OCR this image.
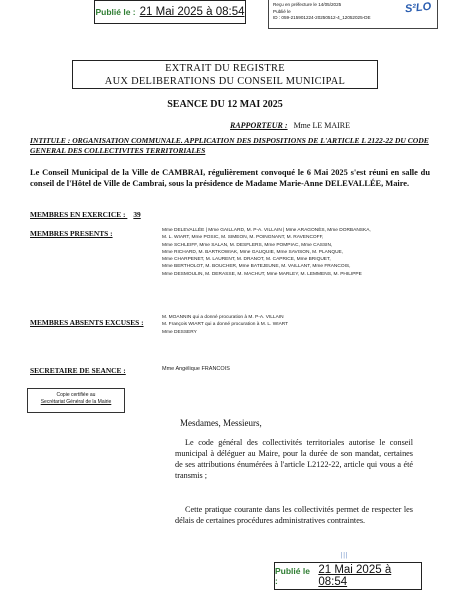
Publié le : 21 Mai 2025 à 08:54
Reçu en préfecture le 14/05/2025
Publié le
ID : 059-215901224-20250512-4_12052025-DE
S²LO
EXTRAIT DU REGISTRE
AUX DELIBERATIONS DU CONSEIL MUNICIPAL
SEANCE DU 12 MAI 2025
RAPPORTEUR : Mme LE MAIRE
INTITULE : ORGANISATION COMMUNALE. APPLICATION DES DISPOSITIONS DE L'ARTICLE L 2122-22 DU CODE GENERAL DES COLLECTIVITES TERRITORIALES
Le Conseil Municipal de la Ville de CAMBRAI, régulièrement convoqué le 6 Mai 2025 s'est réuni en salle du conseil de l'Hôtel de Ville de Cambrai, sous la présidence de Madame Marie-Anne DELEVALLÉE, Maire.
MEMBRES EN EXERCICE : 39
MEMBRES PRESENTS :	Mme DELEVALLÉE | Mme GAILLARD, M. P-A. VILLAIN | Mme ARAGONÈS, Mme DORBANSKA,
M. L. WIART, Mme POSIC, M. SIMEON, M. POINGNANT, M. RAVENCOFF,
Mme SCHLEIFF, Mme SALAN, M. DESFLERS, Mme POMPIAC, Mme CASSIN,
Mme RICHARD, M. BARTKOWIAK, Mme GAUQUIE, Mme SAVISON, M. PLANQUE,
Mme CHARPENET, M. LAURENT, M. DRANOT, M. CAPRICE, Mme BRIQUET,
Mme BERTHOLOT, M. BOUCHER, Mme BATEJEUNE, M. VAILLANT, Mme FRANCOIS,
Mme DESMOULIN, M. DERASSE, M. MACHUT, Mme MARLEY, M. LEMMENS, M. PHILIPPE
MEMBRES ABSENTS EXCUSES :
M. MOANNIN qui a donné procuration à M. P-A. VILLAIN
M. François WIART qui a donné procuration à M. L. WIART
Mme DESSERY
SECRETAIRE DE SEANCE :	Mme Angélique FRANCOIS
Copie certifiée au
Secrétariat Général de la Mairie
Mesdames, Messieurs,
Le code général des collectivités territoriales autorise le conseil municipal à déléguer au Maire, pour la durée de son mandat, certaines de ses attributions énumérées à l'article L2122-22, article qui vous a été transmis ;
Cette pratique courante dans les collectivités permet de respecter les délais de certaines procédures administratives contraintes.
|||
Publié le :
21 Mai 2025 à 08:54
